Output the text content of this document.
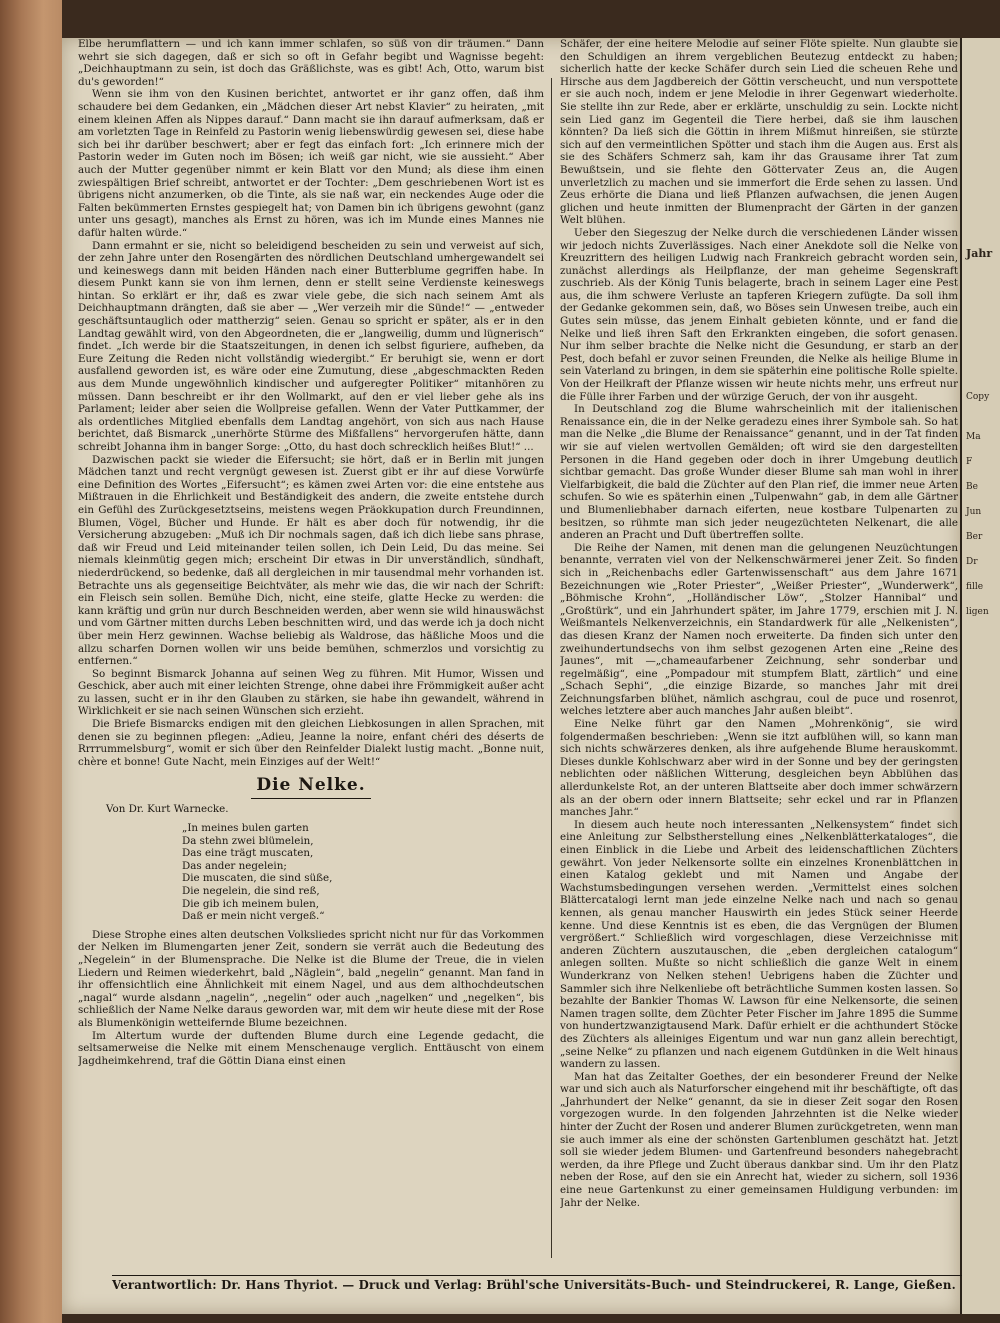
Jahr
Copy
Ma
F
Be
Jun
Ber
Dr
fille
ligen

Elbe herumflattern — und ich kann immer schlafen, so süß von dir träumen.“ Dann wehrt sie sich dagegen, daß er sich so oft in Gefahr begibt und Wagnisse begeht: „Deichhauptmann zu sein, ist doch das Gräßlichste, was es gibt! Ach, Otto, warum bist du's geworden!“

Wenn sie ihm von den Kusinen berichtet, antwortet er ihr ganz offen, daß ihm schaudere bei dem Gedanken, ein „Mädchen dieser Art nebst Klavier“ zu heiraten, „mit einem kleinen Affen als Nippes darauf.“ Dann macht sie ihn darauf aufmerksam, daß er am vorletzten Tage in Reinfeld zu Pastorin wenig liebenswürdig gewesen sei, diese habe sich bei ihr darüber beschwert; aber er fegt das einfach fort: „Ich erinnere mich der Pastorin weder im Guten noch im Bösen; ich weiß gar nicht, wie sie aussieht.“ Aber auch der Mutter gegenüber nimmt er kein Blatt vor den Mund; als diese ihm einen zwiespältigen Brief schreibt, antwortet er der Tochter: „Dem geschriebenen Wort ist es übrigens nicht anzumerken, ob die Tinte, als sie naß war, ein neckendes Auge oder die Falten bekümmerten Ernstes gespiegelt hat; von Damen bin ich übrigens gewohnt (ganz unter uns gesagt), manches als Ernst zu hören, was ich im Munde eines Mannes nie dafür halten würde.“

Dann ermahnt er sie, nicht so beleidigend bescheiden zu sein und verweist auf sich, der zehn Jahre unter den Rosengärten des nördlichen Deutschland umhergewandelt sei und keineswegs dann mit beiden Händen nach einer Butterblume gegriffen habe. In diesem Punkt kann sie von ihm lernen, denn er stellt seine Verdienste keineswegs hintan. So erklärt er ihr, daß es zwar viele gebe, die sich nach seinem Amt als Deichhauptmann drängten, daß sie aber — „Wer verzeih mir die Sünde!“ — „entweder geschäftsuntauglich oder mattherzig“ seien. Genau so spricht er später, als er in den Landtag gewählt wird, von den Abgeordneten, die er „langweilig, dumm und lügnerisch“ findet. „Ich werde bir die Staatszeitungen, in denen ich selbst figuriere, aufheben, da Eure Zeitung die Reden nicht vollständig wiedergibt.“ Er beruhigt sie, wenn er dort ausfallend geworden ist, es wäre oder eine Zumutung, diese „abgeschmackten Reden aus dem Munde ungewöhnlich kindischer und aufgeregter Politiker“ mitanhören zu müssen. Dann beschreibt er ihr den Wollmarkt, auf den er viel lieber gehe als ins Parlament; leider aber seien die Wollpreise gefallen. Wenn der Vater Puttkammer, der als ordentliches Mitglied ebenfalls dem Landtag angehört, von sich aus nach Hause berichtet, daß Bismarck „unerhörte Stürme des Mißfallens“ hervorgerufen hätte, dann schreibt Johanna ihm in banger Sorge: „Otto, du hast doch schrecklich heißes Blut!“ ...

Dazwischen packt sie wieder die Eifersucht; sie hört, daß er in Berlin mit jungen Mädchen tanzt und recht vergnügt gewesen ist. Zuerst gibt er ihr auf diese Vorwürfe eine Definition des Wortes „Eifersucht“; es kämen zwei Arten vor: die eine entstehe aus Mißtrauen in die Ehrlichkeit und Beständigkeit des andern, die zweite entstehe durch ein Gefühl des Zurückgesetztseins, meistens wegen Präokkupation durch Freundinnen, Blumen, Vögel, Bücher und Hunde. Er hält es aber doch für notwendig, ihr die Versicherung abzugeben: „Muß ich Dir nochmals sagen, daß ich dich liebe sans phrase, daß wir Freud und Leid miteinander teilen sollen, ich Dein Leid, Du das meine. Sei niemals kleinmütig gegen mich; erscheint Dir etwas in Dir unverständlich, sündhaft, niederdrückend, so bedenke, daß all dergleichen in mir tausendmal mehr vorhanden ist. Betrachte uns als gegenseitige Beichtväter, als mehr wie das, die wir nach der Schrift: ein Fleisch sein sollen. Bemühe Dich, nicht, eine steife, glatte Hecke zu werden: die kann kräftig und grün nur durch Beschneiden werden, aber wenn sie wild hinauswächst und vom Gärtner mitten durchs Leben beschnitten wird, und das werde ich ja doch nicht über mein Herz gewinnen. Wachse beliebig als Waldrose, das häßliche Moos und die allzu scharfen Dornen wollen wir uns beide bemühen, schmerzlos und vorsichtig zu entfernen.“

So beginnt Bismarck Johanna auf seinen Weg zu führen. Mit Humor, Wissen und Geschick, aber auch mit einer leichten Strenge, ohne dabei ihre Frömmigkeit außer acht zu lassen, sucht er in ihr den Glauben zu stärken, sie habe ihn gewandelt, während in Wirklichkeit er sie nach seinen Wünschen sich erzieht.

Die Briefe Bismarcks endigen mit den gleichen Liebkosungen in allen Sprachen, mit denen sie zu beginnen pflegen: „Adieu, Jeanne la noire, enfant chéri des déserts de Rrrrummelsburg“, womit er sich über den Reinfelder Dialekt lustig macht. „Bonne nuit, chère et bonne! Gute Nacht, mein Einziges auf der Welt!“

Die Nelke.

Von Dr. Kurt Warnecke.

„In meines bulen garten
Da stehn zwei blümelein,
Das eine trägt muscaten,
Das ander negelein;
Die muscaten, die sind süße,
Die negelein, die sind reß,
Die gib ich meinem bulen,
Daß er mein nicht vergeß.“

Diese Strophe eines alten deutschen Volksliedes spricht nicht nur für das Vorkommen der Nelken im Blumengarten jener Zeit, sondern sie verrät auch die Bedeutung des „Negelein“ in der Blumensprache. Die Nelke ist die Blume der Treue, die in vielen Liedern und Reimen wiederkehrt, bald „Näglein“, bald „negelin“ genannt. Man fand in ihr offensichtlich eine Ähnlichkeit mit einem Nagel, und aus dem althochdeutschen „nagal“ wurde alsdann „nagelin“, „negelin“ oder auch „nagelken“ und „negelken“, bis schließlich der Name Nelke daraus geworden war, mit dem wir heute diese mit der Rose als Blumenkönigin wetteifernde Blume bezeichnen.

Im Altertum wurde der duftenden Blume durch eine Legende gedacht, die seltsamerweise die Nelke mit einem Menschenauge verglich. Enttäuscht von einem Jagdheimkehrend, traf die Göttin Diana einst einen

Schäfer, der eine heitere Melodie auf seiner Flöte spielte. Nun glaubte sie den Schuldigen an ihrem vergeblichen Beutezug entdeckt zu haben; sicherlich hatte der kecke Schäfer durch sein Lied die scheuen Rehe und Hirsche aus dem Jagdbereich der Göttin verscheucht, und nun verspottete er sie auch noch, indem er jene Melodie in ihrer Gegenwart wiederholte. Sie stellte ihn zur Rede, aber er erklärte, unschuldig zu sein. Lockte nicht sein Lied ganz im Gegenteil die Tiere herbei, daß sie ihm lauschen könnten? Da ließ sich die Göttin in ihrem Mißmut hinreißen, sie stürzte sich auf den vermeintlichen Spötter und stach ihm die Augen aus. Erst als sie des Schäfers Schmerz sah, kam ihr das Grausame ihrer Tat zum Bewußtsein, und sie flehte den Göttervater Zeus an, die Augen unverletzlich zu machen und sie immerfort die Erde sehen zu lassen. Und Zeus erhörte die Diana und ließ Pflanzen aufwachsen, die jenen Augen glichen und heute inmitten der Blumenpracht der Gärten in der ganzen Welt blühen.

Ueber den Siegeszug der Nelke durch die verschiedenen Länder wissen wir jedoch nichts Zuverlässiges. Nach einer Anekdote soll die Nelke von Kreuzrittern des heiligen Ludwig nach Frankreich gebracht worden sein, zunächst allerdings als Heilpflanze, der man geheime Segenskraft zuschrieb. Als der König Tunis belagerte, brach in seinem Lager eine Pest aus, die ihm schwere Verluste an tapferen Kriegern zufügte. Da soll ihm der Gedanke gekommen sein, daß, wo Böses sein Unwesen treibe, auch ein Gutes sein müsse, das jenem Einhalt gebieten könnte, und er fand die Nelke und ließ ihren Saft den Erkrankten eingeben, die sofort genasen. Nur ihm selber brachte die Nelke nicht die Gesundung, er starb an der Pest, doch befahl er zuvor seinen Freunden, die Nelke als heilige Blume in sein Vaterland zu bringen, in dem sie späterhin eine politische Rolle spielte. Von der Heilkraft der Pflanze wissen wir heute nichts mehr, uns erfreut nur die Fülle ihrer Farben und der würzige Geruch, der von ihr ausgeht.

In Deutschland zog die Blume wahrscheinlich mit der italienischen Renaissance ein, die in der Nelke geradezu eines ihrer Symbole sah. So hat man die Nelke „die Blume der Renaissance“ genannt, und in der Tat finden wir sie auf vielen wertvollen Gemälden; oft wird sie den dargestellten Personen in die Hand gegeben oder doch in ihrer Umgebung deutlich sichtbar gemacht. Das große Wunder dieser Blume sah man wohl in ihrer Vielfarbigkeit, die bald die Züchter auf den Plan rief, die immer neue Arten schufen. So wie es späterhin einen „Tulpenwahn“ gab, in dem alle Gärtner und Blumenliebhaber darnach eiferten, neue kostbare Tulpenarten zu besitzen, so rühmte man sich jeder neugezüchteten Nelkenart, die alle anderen an Pracht und Duft übertreffen sollte.

Die Reihe der Namen, mit denen man die gelungenen Neuzüchtungen benannte, verraten viel von der Nelkenschwärmerei jener Zeit. So finden sich in „Reichenbachs edler Gartenwissenschaft“ aus dem Jahre 1671 Bezeichnungen wie „Roter Priester“, „Weißer Priester“, „Wunderwerk“, „Böhmische Krohn“, „Holländischer Löw“, „Stolzer Hannibal“ und „Großtürk“, und ein Jahrhundert später, im Jahre 1779, erschien mit J. N. Weißmantels Nelkenverzeichnis, ein Standardwerk für alle „Nelkenisten“, das diesen Kranz der Namen noch erweiterte. Da finden sich unter den zweihundertundsechs von ihm selbst gezogenen Arten eine „Reine des Jaunes“, mit —„chameaufarbener Zeichnung, sehr sonderbar und regelmäßig“, eine „Pompadour mit stumpfem Blatt, zärtlich“ und eine „Schach Sephi“, „die einzige Bizarde, so manches Jahr mit drei Zeichnungsfarben blühet, nämlich aschgrau, coul de puce und rosenrot, welches letztere aber auch manches Jahr außen bleibt“.

Eine Nelke führt gar den Namen „Mohrenkönig“, sie wird folgendermaßen beschrieben: „Wenn sie itzt aufblühen will, so kann man sich nichts schwärzeres denken, als ihre aufgehende Blume herauskommt. Dieses dunkle Kohlschwarz aber wird in der Sonne und bey der geringsten neblichten oder näßlichen Witterung, desgleichen beyn Abblühen das allerdunkelste Rot, an der unteren Blattseite aber doch immer schwärzern als an der obern oder innern Blattseite; sehr eckel und rar in Pflanzen manches Jahr.“

In diesem auch heute noch interessanten „Nelkensystem“ findet sich eine Anleitung zur Selbstherstellung eines „Nelkenblätterkataloges“, die einen Einblick in die Liebe und Arbeit des leidenschaftlichen Züchters gewährt. Von jeder Nelkensorte sollte ein einzelnes Kronenblättchen in einen Katalog geklebt und mit Namen und Angabe der Wachstumsbedingungen versehen werden. „Vermittelst eines solchen Blättercatalogi lernt man jede einzelne Nelke nach und nach so genau kennen, als genau mancher Hauswirth ein jedes Stück seiner Heerde kenne. Und diese Kenntnis ist es eben, die das Vergnügen der Blumen vergrößert.“ Schließlich wird vorgeschlagen, diese Verzeichnisse mit anderen Züchtern auszutauschen, die „eben dergleichen catalogum“ anlegen sollten. Mußte so nicht schließlich die ganze Welt in einem Wunderkranz von Nelken stehen! Uebrigens haben die Züchter und Sammler sich ihre Nelkenliebe oft beträchtliche Summen kosten lassen. So bezahlte der Bankier Thomas W. Lawson für eine Nelkensorte, die seinen Namen tragen sollte, dem Züchter Peter Fischer im Jahre 1895 die Summe von hundertzwanzigtausend Mark. Dafür erhielt er die achthundert Stöcke des Züchters als alleiniges Eigentum und war nun ganz allein berechtigt, „seine Nelke“ zu pflanzen und nach eigenem Gutdünken in die Welt hinaus wandern zu lassen.

Man hat das Zeitalter Goethes, der ein besonderer Freund der Nelke war und sich auch als Naturforscher eingehend mit ihr beschäftigte, oft das „Jahrhundert der Nelke“ genannt, da sie in dieser Zeit sogar den Rosen vorgezogen wurde. In den folgenden Jahrzehnten ist die Nelke wieder hinter der Zucht der Rosen und anderer Blumen zurückgetreten, wenn man sie auch immer als eine der schönsten Gartenblumen geschätzt hat. Jetzt soll sie wieder jedem Blumen- und Gartenfreund besonders nahegebracht werden, da ihre Pflege und Zucht überaus dankbar sind. Um ihr den Platz neben der Rose, auf den sie ein Anrecht hat, wieder zu sichern, soll 1936 eine neue Gartenkunst zu einer gemeinsamen Huldigung verbunden: im Jahr der Nelke.

Verantwortlich: Dr. Hans Thyriot. — Druck und Verlag: Brühl'sche Universitäts-Buch- und Steindruckerei, R. Lange, Gießen.
